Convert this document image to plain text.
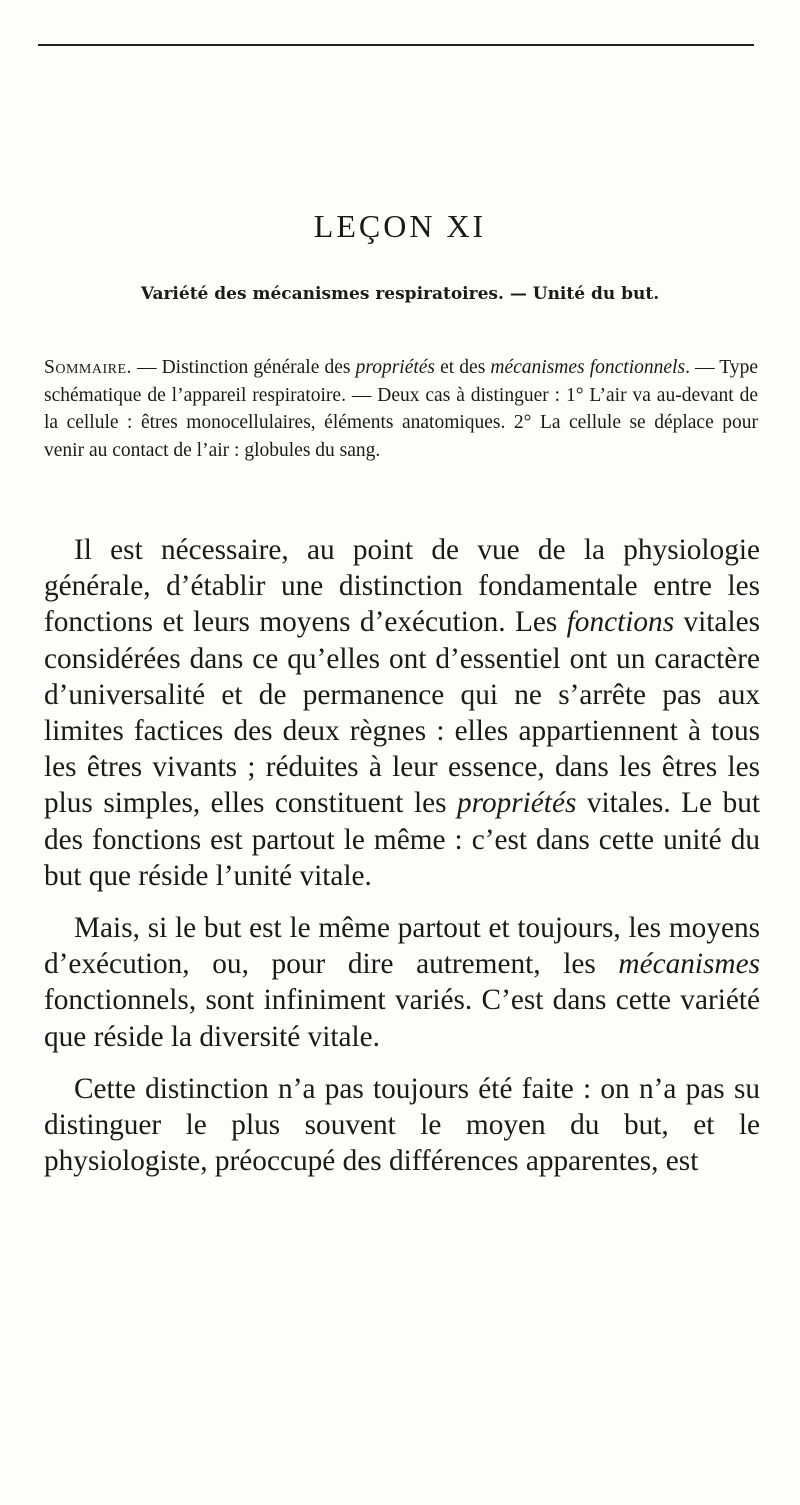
LEÇON XI
Variété des mécanismes respiratoires. — Unité du but.

Sommaire. — Distinction générale des propriétés et des mécanismes fonctionnels. — Type schématique de l’appareil respiratoire. — Deux cas à distinguer : 1° L’air va au-devant de la cellule : êtres monocellulaires, éléments anatomiques. 2° La cellule se déplace pour venir au contact de l’air : globules du sang.

Il est nécessaire, au point de vue de la physiologie générale, d’établir une distinction fondamentale entre les fonctions et leurs moyens d’exécution. Les fonctions vitales considérées dans ce qu’elles ont d’essentiel ont un caractère d’universalité et de permanence qui ne s’arrête pas aux limites factices des deux règnes : elles appartiennent à tous les êtres vivants ; réduites à leur essence, dans les êtres les plus simples, elles constituent les propriétés vitales. Le but des fonctions est partout le même : c’est dans cette unité du but que réside l’unité vitale.

Mais, si le but est le même partout et toujours, les moyens d’exécution, ou, pour dire autrement, les mécanismes fonctionnels, sont infiniment variés. C’est dans cette variété que réside la diversité vitale.

Cette distinction n’a pas toujours été faite : on n’a pas su distinguer le plus souvent le moyen du but, et le physiologiste, préoccupé des différences apparentes, est
